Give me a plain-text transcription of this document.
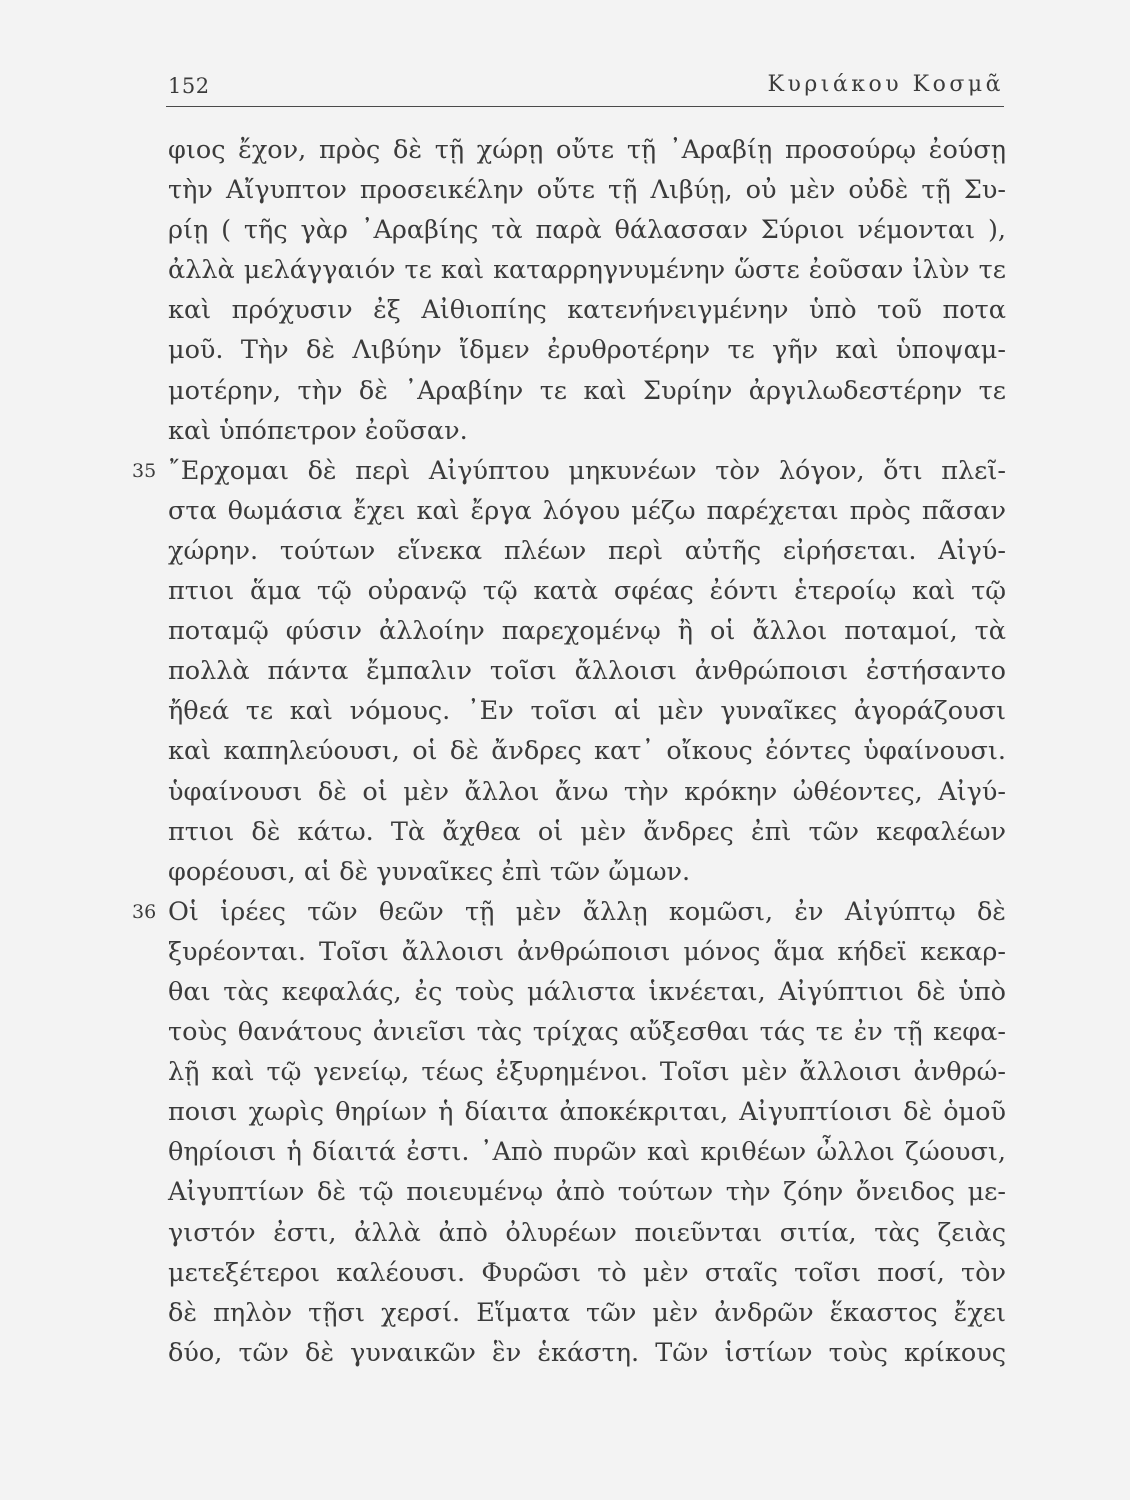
152	Κυριάκου Κοσμᾶ
φιος ἔχον, πρὸς δὲ τῇ χώρῃ οὔτε τῇ ᾿Αραβίῃ προσούρῳ ἐούσῃ
τὴν Αἴγυπτον προσεικέλην οὔτε τῇ Λιβύῃ, οὐ μὲν οὐδὲ τῇ Συ-
ρίῃ ( τῆς γὰρ ᾿Αραβίης τὰ παρὰ θάλασσαν Σύριοι νέμονται ),
ἀλλὰ μελάγγαιόν τε καὶ καταρρηγνυμένην ὥστε ἐοῦσαν ἰλὺν τε
καὶ πρόχυσιν ἐξ Αἰθιοπίης κατενήνειγμένην ὑπὸ τοῦ ποτα
μοῦ. Τὴν δὲ Λιβύην ἴδμεν ἐρυθροτέρην τε γῆν καὶ ὑποψαμ-
μοτέρην, τὴν δὲ ᾿Αραβίην τε καὶ Συρίην ἀργιλωδεστέρην τε
καὶ ὑπόπετρον ἐοῦσαν.
35 ῎Ερχομαι δὲ περὶ Αἰγύπτου μηκυνέων τὸν λόγον, ὅτι πλεῖ-
στα θωμάσια ἔχει καὶ ἔργα λόγου μέζω παρέχεται πρὸς πᾶσαν
χώρην. τούτων εἵνεκα πλέων περὶ αὐτῆς εἰρήσεται. Αἰγύ-
πτιοι ἅμα τῷ οὐρανῷ τῷ κατὰ σφέας ἐόντι ἑτεροίῳ καὶ τῷ
ποταμῷ φύσιν ἀλλοίην παρεχομένῳ ἢ οἱ ἄλλοι ποταμοί, τὰ
πολλὰ πάντα ἔμπαλιν τοῖσι ἄλλοισι ἀνθρώποισι ἐστήσαντο
ἤθεά τε καὶ νόμους. ᾿Εν τοῖσι αἱ μὲν γυναῖκες ἀγοράζουσι
καὶ καπηλεύουσι, οἱ δὲ ἄνδρες κατ᾿ οἴκους ἐόντες ὑφαίνουσι.
ὑφαίνουσι δὲ οἱ μὲν ἄλλοι ἄνω τὴν κρόκην ὠθέοντες, Αἰγύ-
πτιοι δὲ κάτω. Τὰ ἄχθεα οἱ μὲν ἄνδρες ἐπὶ τῶν κεφαλέων
φορέουσι, αἱ δὲ γυναῖκες ἐπὶ τῶν ὤμων.
36 Οἱ ἱρέες τῶν θεῶν τῇ μὲν ἄλλῃ κομῶσι, ἐν Αἰγύπτῳ δὲ
ξυρέονται. Τοῖσι ἄλλοισι ἀνθρώποισι μόνος ἅμα κήδεϊ κεκαρ-
θαι τὰς κεφαλάς, ἐς τοὺς μάλιστα ἱκνέεται, Αἰγύπτιοι δὲ ὑπὸ
τοὺς θανάτους ἀνιεῖσι τὰς τρίχας αὔξεσθαι τάς τε ἐν τῇ κεφα-
λῇ καὶ τῷ γενείῳ, τέως ἐξυρημένοι. Τοῖσι μὲν ἄλλοισι ἀνθρώ-
ποισι χωρὶς θηρίων ἡ δίαιτα ἀποκέκριται, Αἰγυπτίοισι δὲ ὁμοῦ
θηρίοισι ἡ δίαιτά ἐστι. ᾿Απὸ πυρῶν καὶ κριθέων ὦλλοι ζώουσι,
Αἰγυπτίων δὲ τῷ ποιευμένῳ ἀπὸ τούτων τὴν ζόην ὄνειδος με-
γιστόν ἐστι, ἀλλὰ ἀπὸ ὀλυρέων ποιεῦνται σιτία, τὰς ζειὰς
μετεξέτεροι καλέουσι. Φυρῶσι τὸ μὲν σταῖς τοῖσι ποσί, τὸν
δὲ πηλὸν τῇσι χερσί. Εἵματα τῶν μὲν ἀνδρῶν ἕκαστος ἔχει
δύο, τῶν δὲ γυναικῶν ἓν ἑκάστη. Τῶν ἱστίων τοὺς κρίκους
